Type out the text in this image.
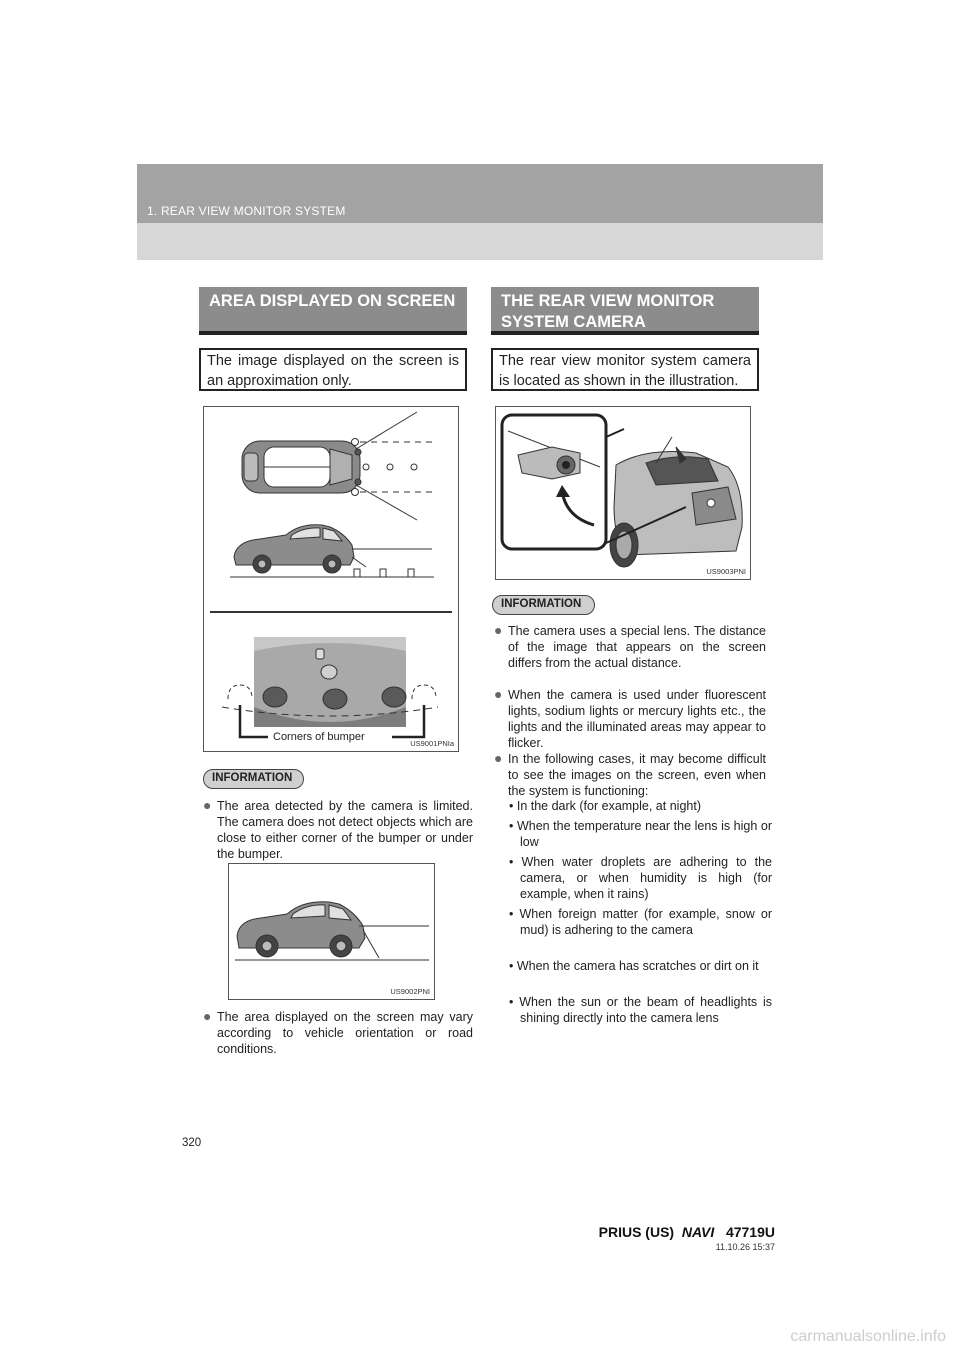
1. REAR VIEW MONITOR SYSTEM
AREA DISPLAYED ON SCREEN
The image displayed on the screen is an approximation only.
Corners of bumper
US9001PNIa
INFORMATION
● The area detected by the camera is limited. The camera does not detect objects which are close to either corner of the bumper or under the bumper.
US9002PNI
● The area displayed on the screen may vary according to vehicle orientation or road conditions.
THE REAR VIEW MONITOR SYSTEM CAMERA
The rear view monitor system camera is located as shown in the illustration.
US9003PNI
INFORMATION
● The camera uses a special lens. The distance of the image that appears on the screen differs from the actual distance.
● When the camera is used under fluorescent lights, sodium lights or mercury lights etc., the lights and the illuminated areas may appear to flicker.
● In the following cases, it may become difficult to see the images on the screen, even when the system is functioning:
• In the dark (for example, at night)
• When the temperature near the lens is high or low
• When water droplets are adhering to the camera, or when humidity is high (for example, when it rains)
• When foreign matter (for example, snow or mud) is adhering to the camera
• When the camera has scratches or dirt on it
• When the sun or the beam of headlights is shining directly into the camera lens
320
PRIUS (US) NAVI 47719U
11.10.26 15:37
carmanualsonline.info
